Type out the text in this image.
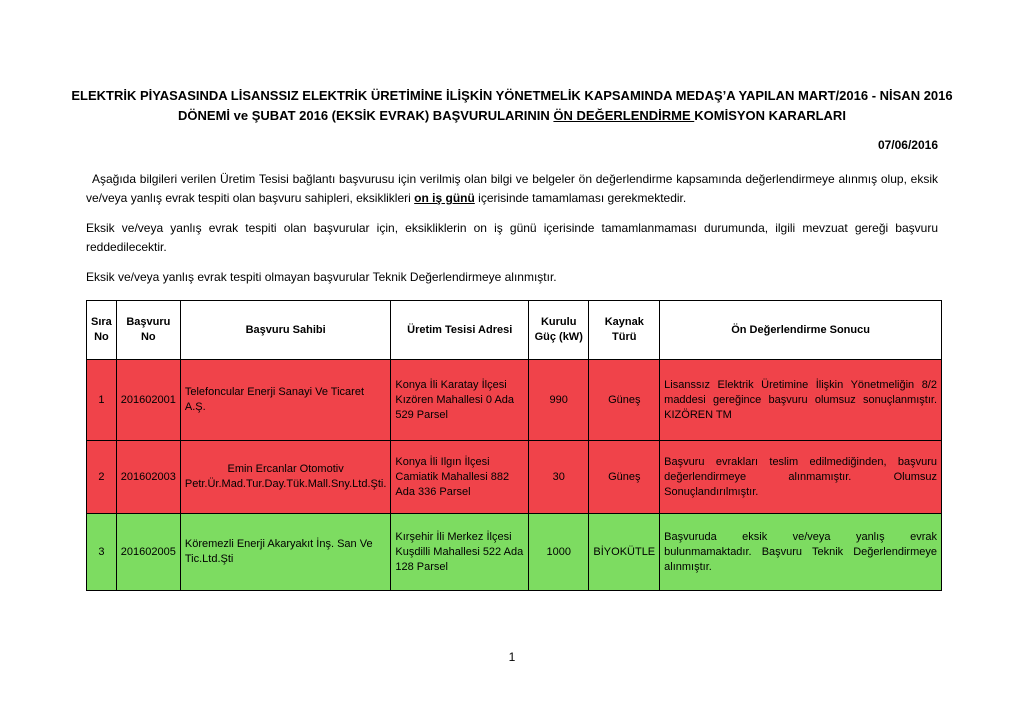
ELEKTRİK PİYASASINDA LİSANSSIZ ELEKTRİK ÜRETİMİNE İLİŞKİN YÖNETMELİK KAPSAMINDA MEDAŞ’A YAPILAN MART/2016 - NİSAN 2016
DÖNEMİ ve ŞUBAT 2016 (EKSİK EVRAK) BAŞVURULARININ ÖN DEĞERLENDİRME KOMİSYON KARARLARI
07/06/2016
Aşağıda bilgileri verilen Üretim Tesisi bağlantı başvurusu için verilmiş olan bilgi ve belgeler ön değerlendirme kapsamında değerlendirmeye alınmış olup, eksik ve/veya yanlış evrak tespiti olan başvuru sahipleri, eksiklikleri on iş günü içerisinde tamamlaması gerekmektedir.
Eksik ve/veya yanlış evrak tespiti olan başvurular için, eksikliklerin on iş günü içerisinde tamamlanmaması durumunda, ilgili mevzuat gereği başvuru reddedilecektir.
Eksik ve/veya yanlış evrak tespiti olmayan başvurular Teknik Değerlendirmeye alınmıştır.
Sıra No	Başvuru No	Başvuru Sahibi	Üretim Tesisi Adresi	Kurulu Güç (kW)	Kaynak Türü	Ön Değerlendirme Sonucu
1	201602001	Telefoncular Enerji Sanayi Ve Ticaret A.Ş.	Konya İli Karatay İlçesi Kızören Mahallesi 0 Ada 529 Parsel	990	Güneş	Lisanssız Elektrik Üretimine İlişkin Yönetmeliğin 8/2 maddesi gereğince başvuru olumsuz sonuçlanmıştır. KIZÖREN TM
2	201602003	Emin Ercanlar Otomotiv Petr.Ür.Mad.Tur.Day.Tük.Mall.Sny.Ltd.Şti.	Konya İli Ilgın İlçesi Camiatik Mahallesi 882 Ada 336 Parsel	30	Güneş	Başvuru evrakları teslim edilmediğinden, başvuru değerlendirmeye alınmamıştır. Olumsuz Sonuçlandırılmıştır.
3	201602005	Köremezli Enerji Akaryakıt İnş. San Ve Tic.Ltd.Şti	Kırşehir İli Merkez İlçesi Kuşdilli Mahallesi 522 Ada 128 Parsel	1000	BİYOKÜTLE	Başvuruda eksik ve/veya yanlış evrak bulunmamaktadır. Başvuru Teknik Değerlendirmeye alınmıştır.
1
